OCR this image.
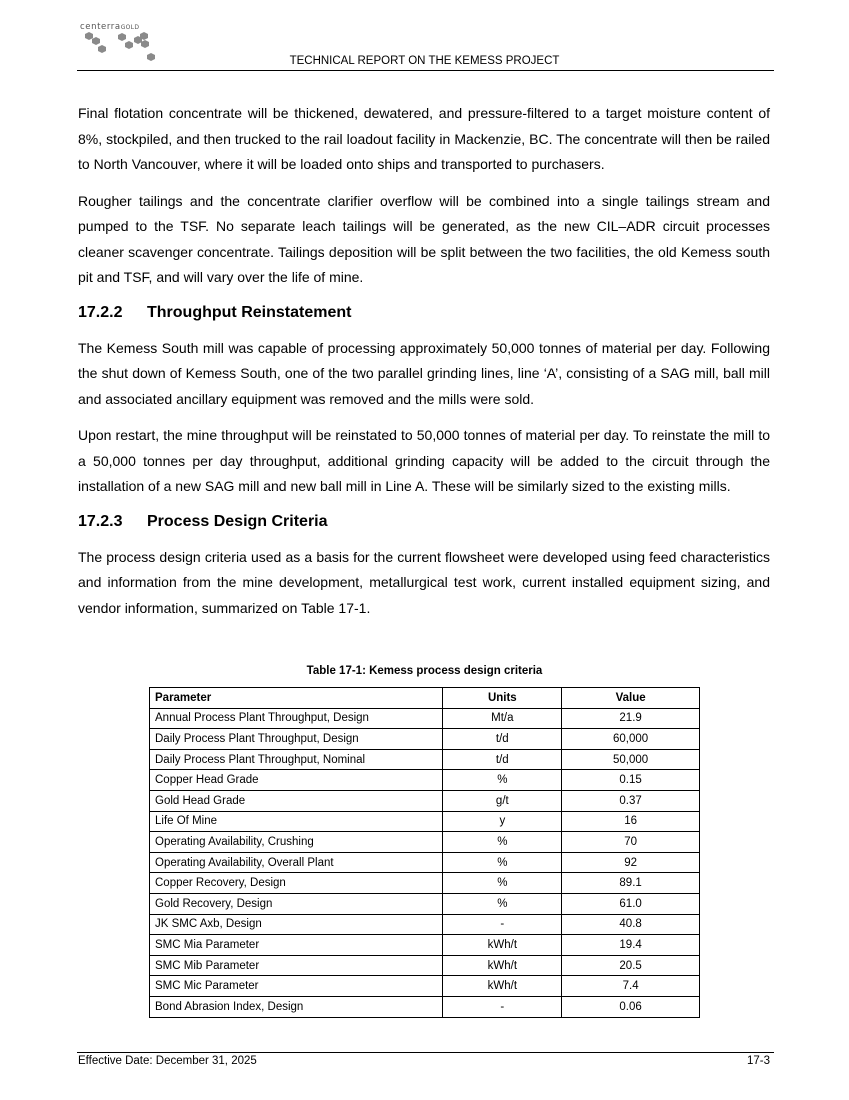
centerraGOLD
TECHNICAL REPORT ON THE KEMESS PROJECT

Final flotation concentrate will be thickened, dewatered, and pressure-filtered to a target moisture content of 8%, stockpiled, and then trucked to the rail loadout facility in Mackenzie, BC. The concentrate will then be railed to North Vancouver, where it will be loaded onto ships and transported to purchasers.

Rougher tailings and the concentrate clarifier overflow will be combined into a single tailings stream and pumped to the TSF. No separate leach tailings will be generated, as the new CIL–ADR circuit processes cleaner scavenger concentrate. Tailings deposition will be split between the two facilities, the old Kemess south pit and TSF, and will vary over the life of mine.

17.2.2	Throughput Reinstatement

The Kemess South mill was capable of processing approximately 50,000 tonnes of material per day. Following the shut down of Kemess South, one of the two parallel grinding lines, line ‘A’, consisting of a SAG mill, ball mill and associated ancillary equipment was removed and the mills were sold.

Upon restart, the mine throughput will be reinstated to 50,000 tonnes of material per day. To reinstate the mill to a 50,000 tonnes per day throughput, additional grinding capacity will be added to the circuit through the installation of a new SAG mill and new ball mill in Line A. These will be similarly sized to the existing mills.

17.2.3	Process Design Criteria

The process design criteria used as a basis for the current flowsheet were developed using feed characteristics and information from the mine development, metallurgical test work, current installed equipment sizing, and vendor information, summarized on Table 17-1.

Table 17-1: Kemess process design criteria
Parameter	Units	Value
Annual Process Plant Throughput, Design	Mt/a	21.9
Daily Process Plant Throughput, Design	t/d	60,000
Daily Process Plant Throughput, Nominal	t/d	50,000
Copper Head Grade	%	0.15
Gold Head Grade	g/t	0.37
Life Of Mine	y	16
Operating Availability, Crushing	%	70
Operating Availability, Overall Plant	%	92
Copper Recovery, Design	%	89.1
Gold Recovery, Design	%	61.0
JK SMC Axb, Design	-	40.8
SMC Mia Parameter	kWh/t	19.4
SMC Mib Parameter	kWh/t	20.5
SMC Mic Parameter	kWh/t	7.4
Bond Abrasion Index, Design	-	0.06
Effective Date: December 31, 2025	17-3
